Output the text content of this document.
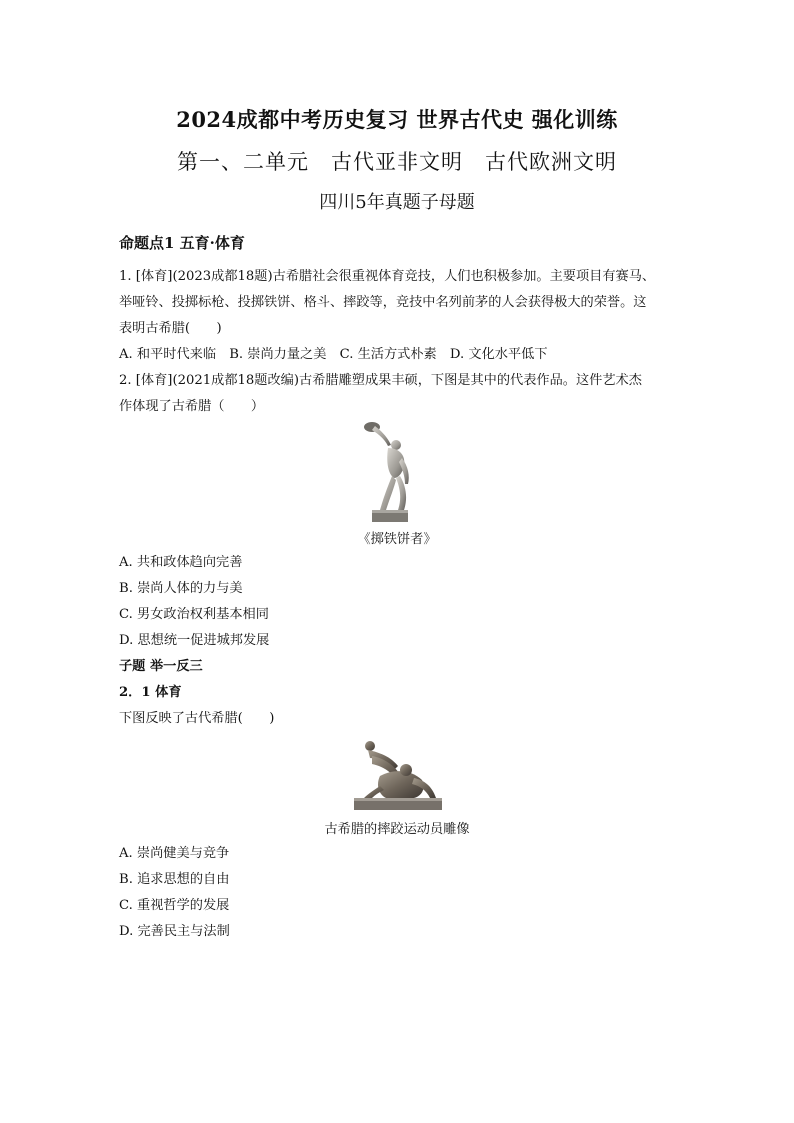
2024成都中考历史复习 世界古代史 强化训练
第一、二单元　古代亚非文明　古代欧洲文明
四川5年真题子母题
命题点1 五育·体育
1. [体育](2023成都18题)古希腊社会很重视体育竞技，人们也积极参加。主要项目有赛马、
举哑铃、投掷标枪、投掷铁饼、格斗、摔跤等，竞技中名列前茅的人会获得极大的荣誉。这
表明古希腊(　　)
A. 和平时代来临　B. 崇尚力量之美　C. 生活方式朴素　D. 文化水平低下
2. [体育](2021成都18题改编)古希腊雕塑成果丰硕，下图是其中的代表作品。这件艺术杰
作体现了古希腊（　　）
《掷铁饼者》
A. 共和政体趋向完善
B. 崇尚人体的力与美
C. 男女政治权利基本相同
D. 思想统一促进城邦发展
子题 举一反三
2．1 体育
下图反映了古代希腊(　　)
古希腊的摔跤运动员雕像
A. 崇尚健美与竞争
B. 追求思想的自由
C. 重视哲学的发展
D. 完善民主与法制
